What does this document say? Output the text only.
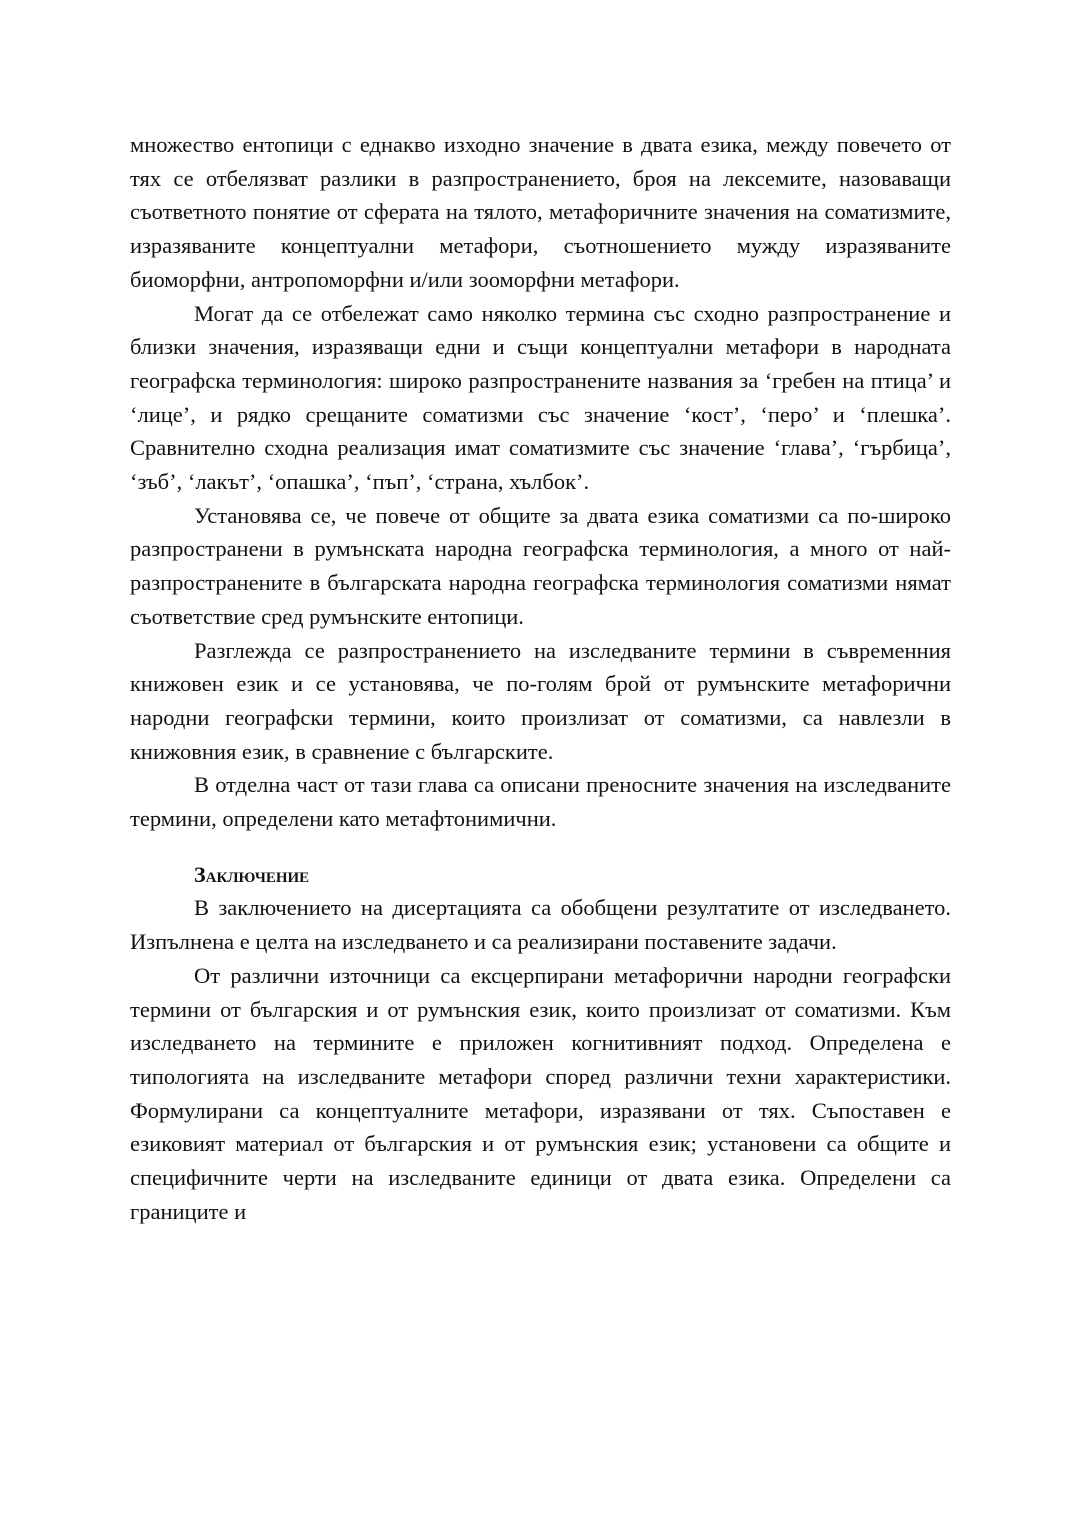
множество ентопици с еднакво изходно значение в двата езика, между повечето от тях се отбелязват разлики в разпространението, броя на лексемите, назоваващи съответното понятие от сферата на тялото, метафоричните значения на соматизмите, изразяваните концептуални метафори, съотношението мужду изразяваните биоморфни, антропоморфни и/или зооморфни метафори.

Могат да се отбележат само няколко термина със сходно разпространение и близки значения, изразяващи едни и същи концептуални метафори в народната географска терминология: широко разпространените названия за ‘гребен на птица’ и ‘лице’, и рядко срещаните соматизми със значение ‘кост’, ‘перо’ и ‘плешка’. Сравнително сходна реализация имат соматизмите със значение ‘глава’, ‘гърбица’, ‘зъб’, ‘лакът’, ‘опашка’, ‘пъп’, ‘страна, хълбок’.

Установява се, че повече от общите за двата езика соматизми са по-широко разпространени в румънската народна географска терминология, а много от най-разпространените в българската народна географска терминология соматизми нямат съответствие сред румънските ентопици.

Разглежда се разпространението на изследваните термини в съвременния книжовен език и се установява, че по-голям брой от румънските метафорични народни географски термини, които произлизат от соматизми, са навлезли в книжовния език, в сравнение с българските.

В отделна част от тази глава са описани преносните значения на изследваните термини, определени като метафтонимични.

Заключение

В заключението на дисертацията са обобщени резултатите от изследването. Изпълнена е целта на изследването и са реализирани поставените задачи.

От различни източници са ексцерпирани метафорични народни географски термини от българския и от румънския език, които произлизат от соматизми. Към изследването на термините е приложен когнитивният подход. Определена е типологията на изследваните метафори според различни техни характеристики. Формулирани са концептуалните метафори, изразявани от тях. Съпоставен е езиковият материал от българския и от румънския език; установени са общите и специфичните черти на изследваните единици от двата езика. Определени са границите и
